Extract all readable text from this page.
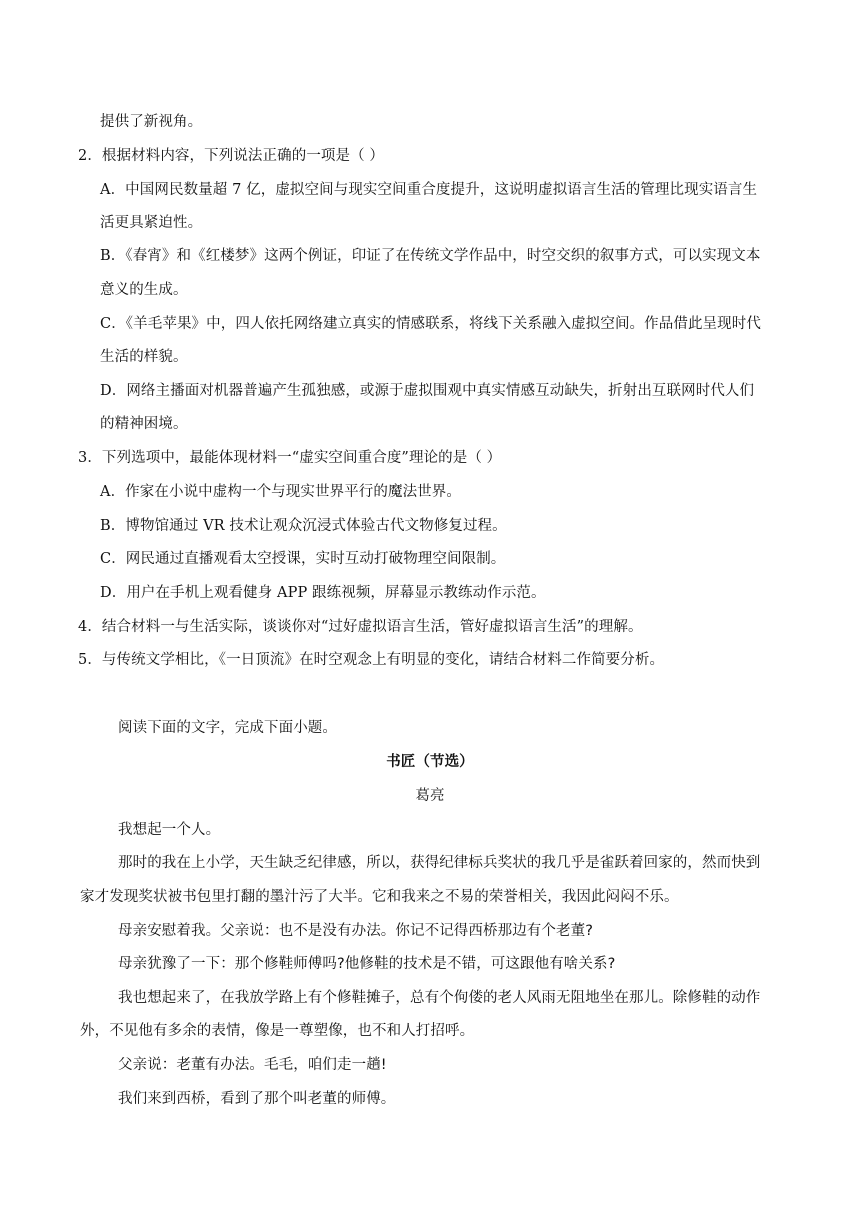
提供了新视角。
2．根据材料内容，下列说法正确的一项是（ ）
A．中国网民数量超 7 亿，虚拟空间与现实空间重合度提升，这说明虚拟语言生活的管理比现实语言生
活更具紧迫性。
B．《春宵》和《红楼梦》这两个例证，印证了在传统文学作品中，时空交织的叙事方式，可以实现文本
意义的生成。
C．《羊毛苹果》中，四人依托网络建立真实的情感联系，将线下关系融入虚拟空间。作品借此呈现时代
生活的样貌。
D．网络主播面对机器普遍产生孤独感，或源于虚拟围观中真实情感互动缺失，折射出互联网时代人们
的精神困境。
3．下列选项中，最能体现材料一“虚实空间重合度”理论的是（ ）
A．作家在小说中虚构一个与现实世界平行的魔法世界。
B．博物馆通过 VR 技术让观众沉浸式体验古代文物修复过程。
C．网民通过直播观看太空授课，实时互动打破物理空间限制。
D．用户在手机上观看健身 APP 跟练视频，屏幕显示教练动作示范。
4．结合材料一与生活实际，谈谈你对“过好虚拟语言生活，管好虚拟语言生活”的理解。
5．与传统文学相比，《一日顶流》在时空观念上有明显的变化，请结合材料二作简要分析。
阅读下面的文字，完成下面小题。
书匠（节选）
葛亮
我想起一个人。
那时的我在上小学，天生缺乏纪律感，所以，获得纪律标兵奖状的我几乎是雀跃着回家的，然而快到
家才发现奖状被书包里打翻的墨汁污了大半。它和我来之不易的荣誉相关，我因此闷闷不乐。
母亲安慰着我。父亲说：也不是没有办法。你记不记得西桥那边有个老董?
母亲犹豫了一下：那个修鞋师傅吗?他修鞋的技术是不错，可这跟他有啥关系?
我也想起来了，在我放学路上有个修鞋摊子，总有个佝偻的老人风雨无阻地坐在那儿。除修鞋的动作
外，不见他有多余的表情，像是一尊塑像，也不和人打招呼。
父亲说：老董有办法。毛毛，咱们走一趟!
我们来到西桥，看到了那个叫老董的师傅。
